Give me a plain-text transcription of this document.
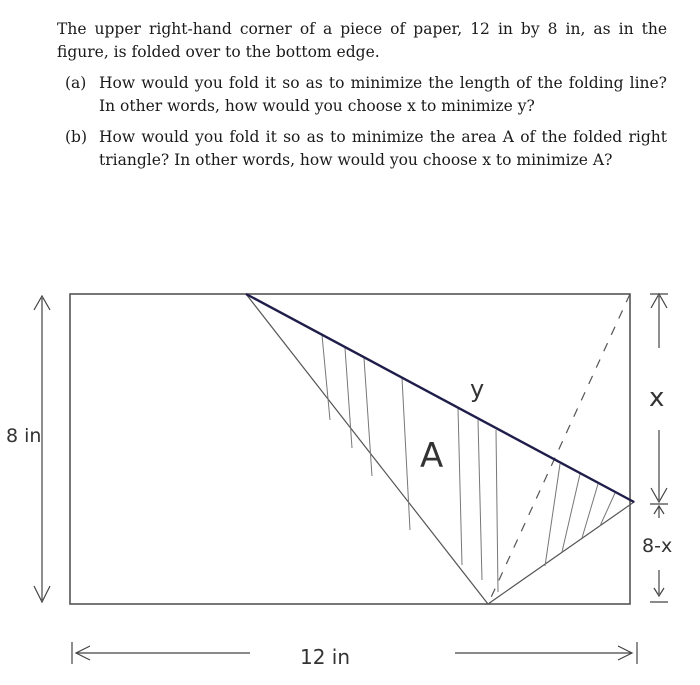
The upper right-hand corner of a piece of paper, 12 in by 8 in, as in the figure, is folded over to the bottom edge.
(a) How would you fold it so as to minimize the length of the folding line? In other words, how would you choose x to minimize y?
(b) How would you fold it so as to minimize the area A of the folded right triangle? In other words, how would you choose x to minimize A?
y
A
8 in
x
8-x
12 in
